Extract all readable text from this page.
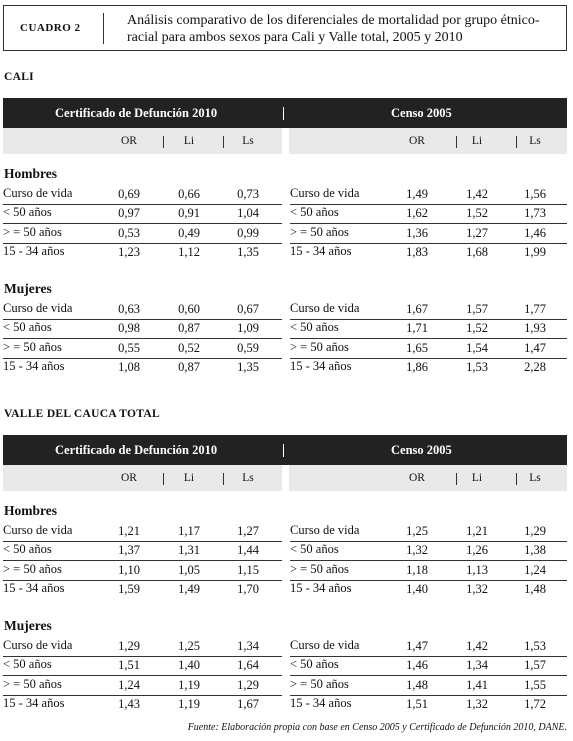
CUADRO 2	Análisis comparativo de los diferenciales de mortalidad por grupo étnico-racial para ambos sexos para Cali y Valle total, 2005 y 2010
CALI
Certificado de Defunción 2010	Censo 2005
OR	Li	Ls	OR	Li	Ls
Hombres
Curso de vida	0,69	0,66	0,73	Curso de vida	1,49	1,42	1,56
< 50 años	0,97	0,91	1,04	< 50 años	1,62	1,52	1,73
> = 50 años	0,53	0,49	0,99	> = 50 años	1,36	1,27	1,46
15 - 34 años	1,23	1,12	1,35	15 - 34 años	1,83	1,68	1,99
Mujeres
Curso de vida	0,63	0,60	0,67	Curso de vida	1,67	1,57	1,77
< 50 años	0,98	0,87	1,09	< 50 años	1,71	1,52	1,93
> = 50 años	0,55	0,52	0,59	> = 50 años	1,65	1,54	1,47
15 - 34 años	1,08	0,87	1,35	15 - 34 años	1,86	1,53	2,28
VALLE DEL CAUCA TOTAL
Certificado de Defunción 2010	Censo 2005
OR	Li	Ls	OR	Li	Ls
Hombres
Curso de vida	1,21	1,17	1,27	Curso de vida	1,25	1,21	1,29
< 50 años	1,37	1,31	1,44	< 50 años	1,32	1,26	1,38
> = 50 años	1,10	1,05	1,15	> = 50 años	1,18	1,13	1,24
15 - 34 años	1,59	1,49	1,70	15 - 34 años	1,40	1,32	1,48
Mujeres
Curso de vida	1,29	1,25	1,34	Curso de vida	1,47	1,42	1,53
< 50 años	1,51	1,40	1,64	< 50 años	1,46	1,34	1,57
> = 50 años	1,24	1,19	1,29	> = 50 años	1,48	1,41	1,55
15 - 34 años	1,43	1,19	1,67	15 - 34 años	1,51	1,32	1,72
Fuente: Elaboración propia con base en Censo 2005 y Certificado de Defunción 2010, DANE.
